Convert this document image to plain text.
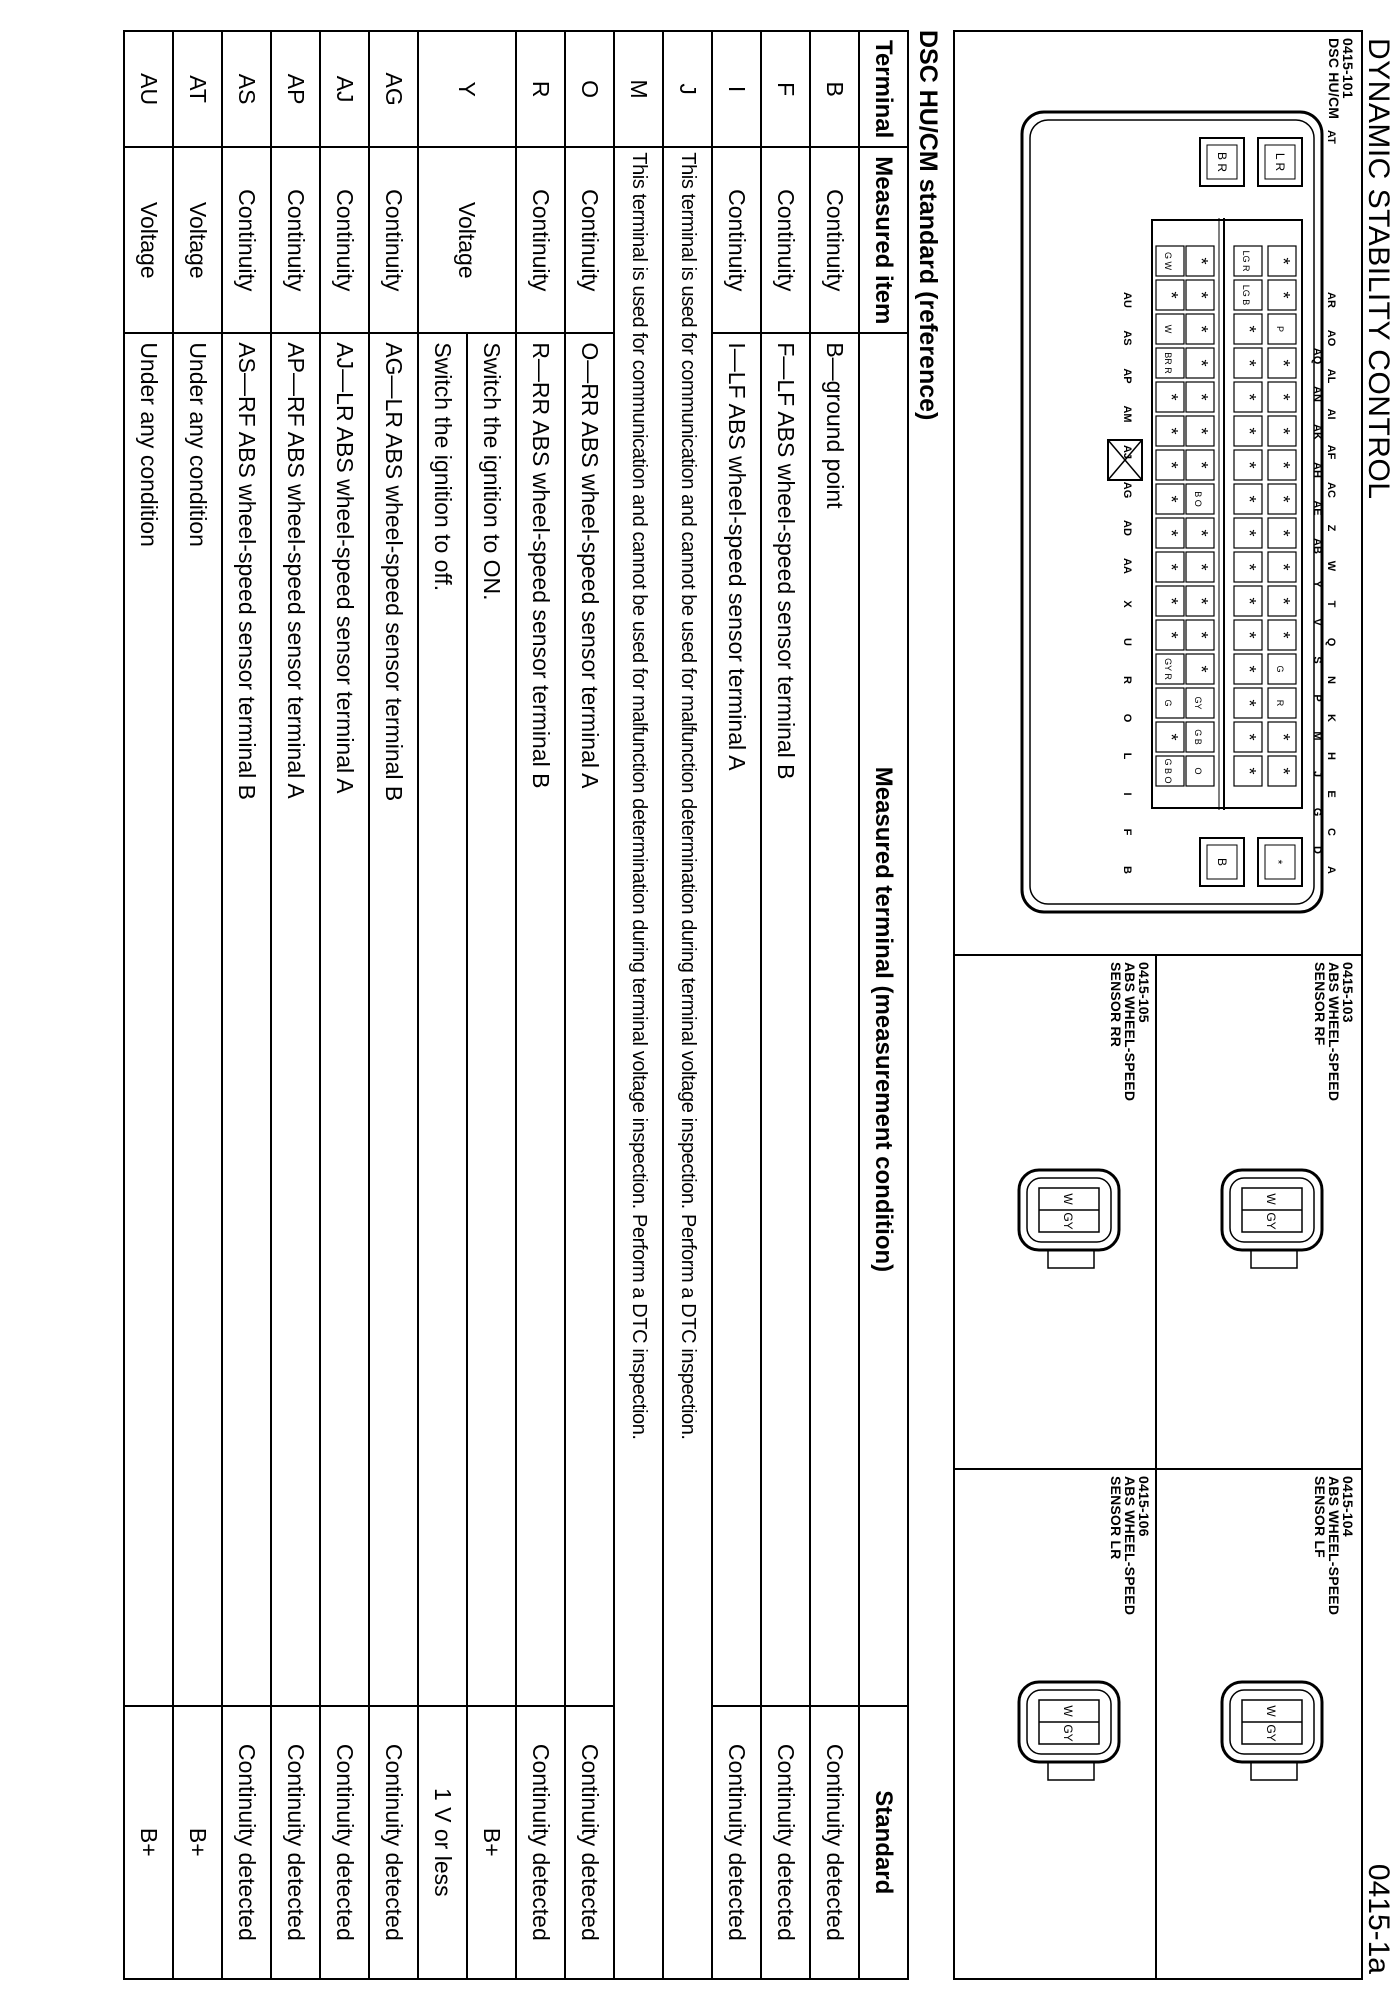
DYNAMIC STABILITY CONTROL
0415-1a
0415-101
DSC HU/CM
0415-103
ABS WHEEL-SPEED
SENSOR RF
0415-105
ABS WHEEL-SPEED
SENSOR RR
0415-104
ABS WHEEL-SPEED
SENSOR LF
0415-106
ABS WHEEL-SPEED
SENSOR LR
L R
B R
*
B
*
*
R
G
*
*
*
*
*
*
*
*
*
P
*
*
*
*
*
*
*
*
*
*
*
*
*
*
*
*
LG B
LG R
O
G B
GY
*
*
*
*
*
B O
*
*
*
*
*
*
*
G B O
*
G
GY R
*
*
*
*
*
*
*
*
BR R
W
*
G W
A
C
E
H
K
N
Q
T
W
Z
AC
AF
AI
AL
AO
AR
D
G
J
M
P
S
V
Y
AB
AE
AH
AK
AN
AQ
B
F
I
L
O
R
U
X
AA
AD
AG
AJ
AM
AP
AS
AU
AT
W
GY
W
GY
W
GY
W
GY
DSC HU/CM standard (reference)
Terminal	Measured item	Measured terminal (measurement condition)	Standard
B	Continuity	B—ground point	Continuity detected
F	Continuity	F—LF ABS wheel-speed sensor terminal B	Continuity detected
I	Continuity	I—LF ABS wheel-speed sensor terminal A	Continuity detected
J	This terminal is used for communication and cannot be used for malfunction determination during terminal voltage inspection. Perform a DTC inspection.		
M	This terminal is used for communication and cannot be used for malfunction determination during terminal voltage inspection. Perform a DTC inspection.		
O	Continuity	O—RR ABS wheel-speed sensor terminal A	Continuity detected
R	Continuity	R—RR ABS wheel-speed sensor terminal B	Continuity detected
Y	Voltage	Switch the ignition to ON.	B+
		Switch the ignition to off.	1 V or less
AG	Continuity	AG—LR ABS wheel-speed sensor terminal B	Continuity detected
AJ	Continuity	AJ—LR ABS wheel-speed sensor terminal A	Continuity detected
AP	Continuity	AP—RF ABS wheel-speed sensor terminal A	Continuity detected
AS	Continuity	AS—RF ABS wheel-speed sensor terminal B	Continuity detected
AT	Voltage	Under any condition	B+
AU	Voltage	Under any condition	B+
